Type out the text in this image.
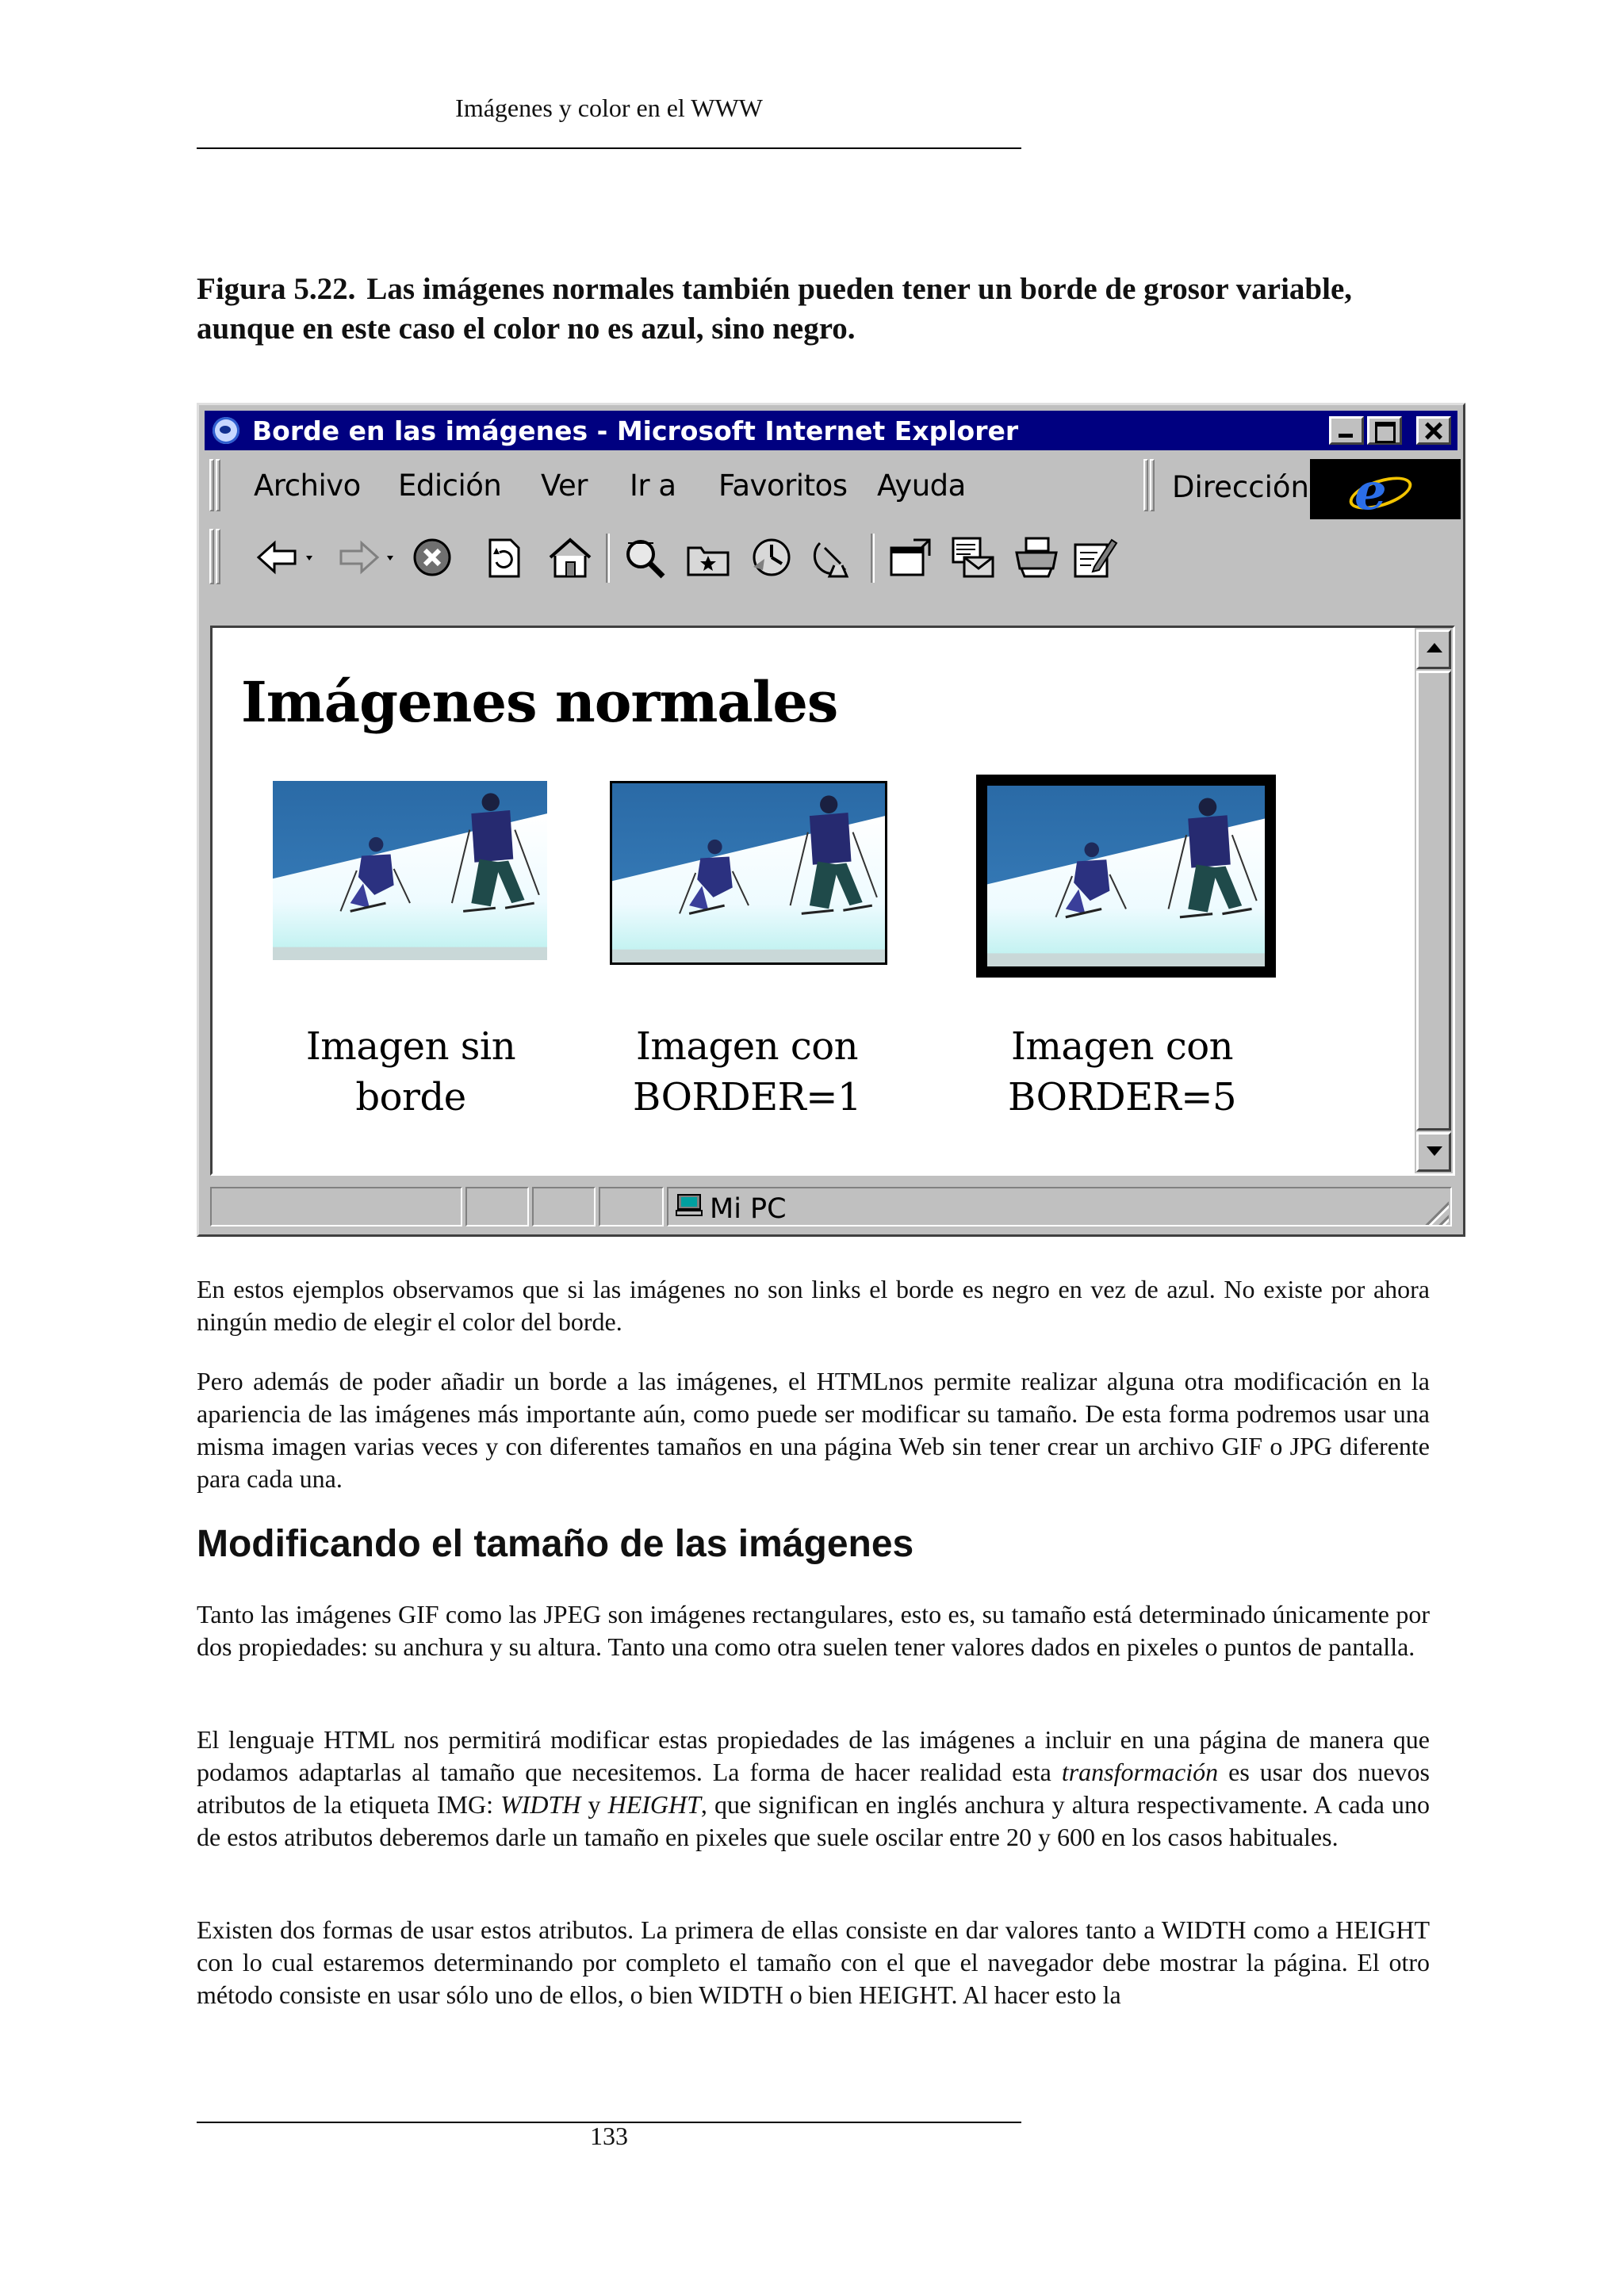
Imágenes y color en el WWW
Figura 5.22. Las imágenes normales también pueden tener un borde de grosor variable, aunque en este caso el color no es azul, sino negro.
Borde en las imágenes - Microsoft Internet Explorer
Archivo Edición Ver Ir a Favoritos Ayuda	Dirección e
Imágenes normales
Imagen sin
borde
Imagen con
BORDER=1
Imagen con
BORDER=5
Mi PC
En estos ejemplos observamos que si las imágenes no son links el borde es negro en vez de azul. No existe por ahora ningún medio de elegir el color del borde.
Pero además de poder añadir un borde a las imágenes, el HTMLnos permite realizar alguna otra modificación en la apariencia de las imágenes más importante aún, como puede ser modificar su tamaño. De esta forma podremos usar una misma imagen varias veces y con diferentes tamaños en una página Web sin tener crear un archivo GIF o JPG diferente para cada una.
Modificando el tamaño de las imágenes
Tanto las imágenes GIF como las JPEG son imágenes rectangulares, esto es, su tamaño está determinado únicamente por dos propiedades: su anchura y su altura. Tanto una como otra suelen tener valores dados en pixeles o puntos de pantalla.
El lenguaje HTML nos permitirá modificar estas propiedades de las imágenes a incluir en una página de manera que podamos adaptarlas al tamaño que necesitemos. La forma de hacer realidad esta transformación es usar dos nuevos atributos de la etiqueta IMG: WIDTH y HEIGHT, que significan en inglés anchura y altura respectivamente. A cada uno de estos atributos deberemos darle un tamaño en pixeles que suele oscilar entre 20 y 600 en los casos habituales.
Existen dos formas de usar estos atributos. La primera de ellas consiste en dar valores tanto a WIDTH como a HEIGHT con lo cual estaremos determinando por completo el tamaño con el que el navegador debe mostrar la página. El otro método consiste en usar sólo uno de ellos, o bien WIDTH o bien HEIGHT. Al hacer esto la
133
